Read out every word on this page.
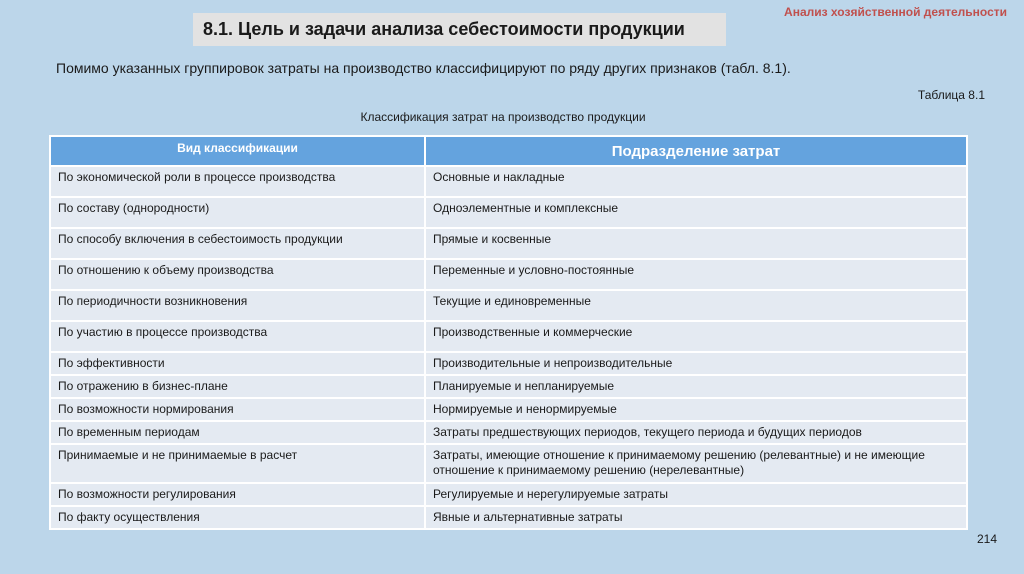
Анализ хозяйственной деятельности
8.1. Цель и задачи анализа себестоимости продукции
Помимо указанных группировок затраты на производство классифицируют по ряду других признаков (табл. 8.1).
Таблица 8.1
Классификация затрат на производство продукции
Вид классификации	Подразделение затрат
По экономической роли в процессе производства	Основные и накладные
По составу (однородности)	Одноэлементные и комплексные
По способу включения в себестоимость продукции	Прямые и косвенные
По отношению к объему производства	Переменные и условно-постоянные
По периодичности возникновения	Текущие и единовременные
По участию в процессе производства	Производственные и коммерческие
По эффективности	Производительные и непроизводительные
По отражению в бизнес-плане	Планируемые и непланируемые
По возможности нормирования	Нормируемые и ненормируемые
По временным периодам	Затраты предшествующих периодов, текущего периода и будущих периодов
Принимаемые и не принимаемые в расчет	Затраты, имеющие отношение к принимаемому решению (релевантные) и не имеющие отношение к принимаемому решению (нерелевантные)
По возможности регулирования	Регулируемые и нерегулируемые затраты
По факту осуществления	Явные и альтернативные затраты
214
